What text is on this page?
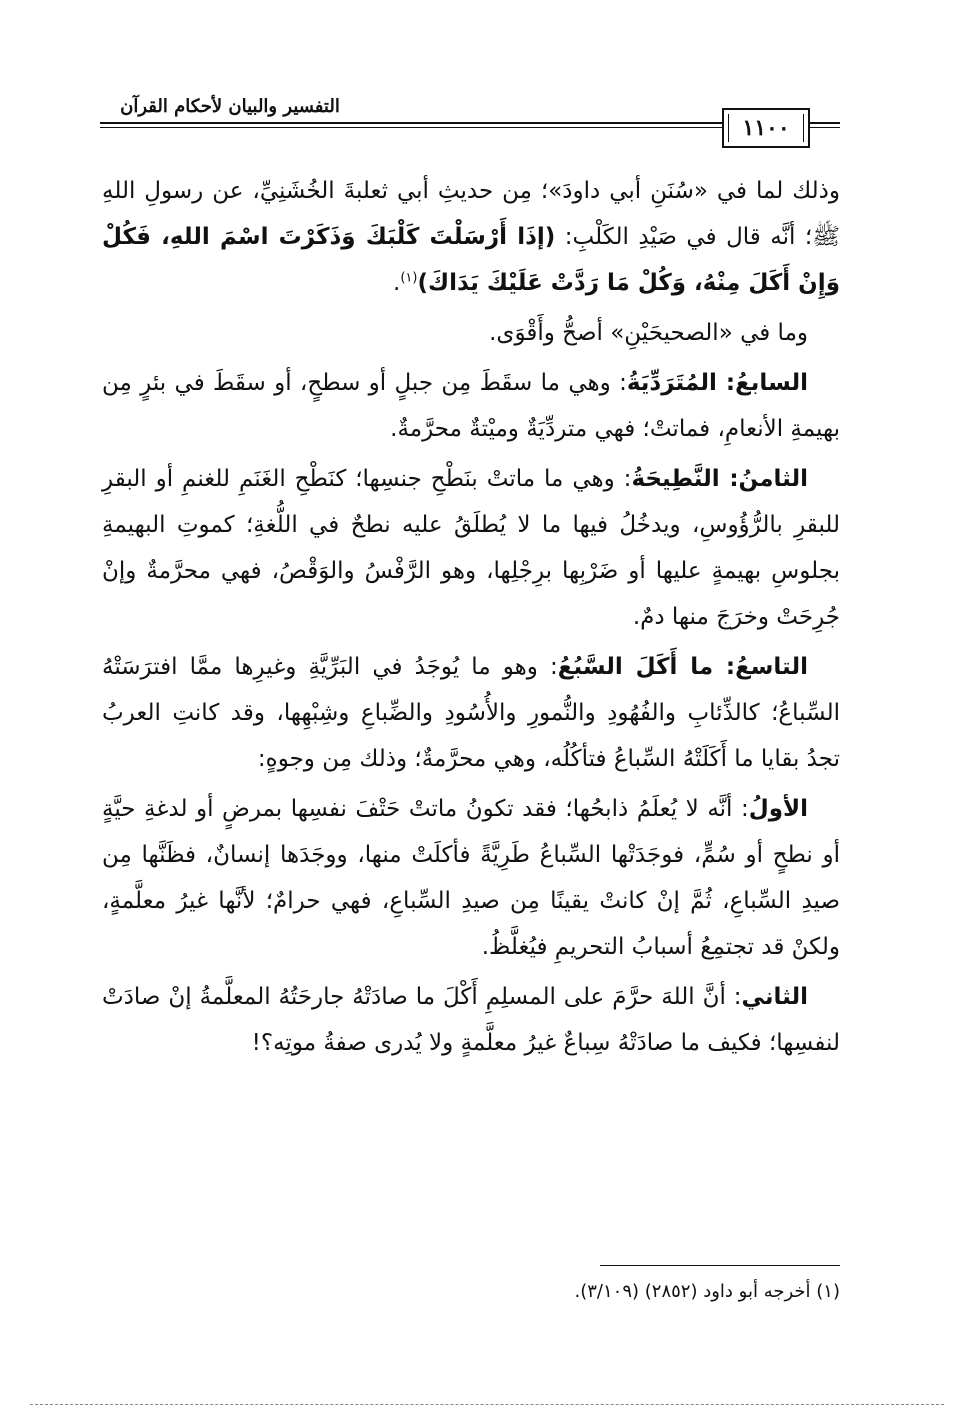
التفسير والبيان لأحكام القرآن
١١٠٠

وذلك لما في «سُنَنِ أبي داودَ»؛ مِن حديثِ أبي ثعلبةَ الخُشَنِيِّ، عن رسولِ اللهِ ﷺ؛ أنَّه قال في صَيْدِ الكَلْبِ: (إذَا أَرْسَلْتَ كَلْبَكَ وَذَكَرْتَ اسْمَ اللهِ، فَكُلْ وَإِنْ أَكَلَ مِنْهُ، وَكُلْ مَا رَدَّتْ عَلَيْكَ يَدَاكَ)$^{(١)}$.

وما في «الصحيحَيْنِ» أصحُّ وأَقْوَى.

السابعُ: المُتَرَدِّيَةُ: وهي ما سقَطَ مِن جبلٍ أو سطحٍ، أو سقَطَ في بئرٍ مِن بهيمةِ الأنعامِ، فماتتْ؛ فهي متردِّيَةٌ وميْتةٌ محرَّمةٌ.

الثامنُ: النَّطِيحَةُ: وهي ما ماتتْ بنَطْحِ جنسِها؛ كنَطْحِ الغَنَمِ للغنمِ أو البقرِ للبقرِ بالرُّؤُوسِ، ويدخُلُ فيها ما لا يُطلَقُ عليه نطحٌ في اللُّغةِ؛ كموتِ البهيمةِ بجلوسِ بهيمةٍ عليها أو ضَرْبِها برِجْلِها، وهو الرَّفْسُ والوَقْصُ، فهي محرَّمةٌ وإنْ جُرِحَتْ وخرَجَ منها دمٌ.

التاسعُ: ما أَكَلَ السَّبُعُ: وهو ما يُوجَدُ في البَرِّيَّةِ وغيرِها ممَّا افترَسَتْهُ السِّباعُ؛ كالذِّئابِ والفُهُودِ والنُّمورِ والأُسُودِ والضِّباعِ وشِبْهِها، وقد كانتِ العربُ تجدُ بقايا ما أَكَلَتْهُ السِّباعُ فتأكُلُه، وهي محرَّمةٌ؛ وذلك مِن وجوهٍ:

الأولُ: أنَّه لا يُعلَمُ ذابحُها؛ فقد تكونُ ماتتْ حَتْفَ نفسِها بمرضٍ أو لدغةِ حيَّةٍ أو نطحٍ أو سُمٍّ، فوجَدَتْها السِّباعُ طَرِيَّةً فأكلَتْ منها، ووجَدَها إنسانٌ، فظَنَّها مِن صيدِ السِّباعِ، ثُمَّ إنْ كانتْ يقينًا مِن صيدِ السِّباعِ، فهي حرامٌ؛ لأنَّها غيرُ معلَّمةٍ، ولكنْ قد تجتمِعُ أسبابُ التحريمِ فيُغلَّظُ.

الثاني: أنَّ اللهَ حرَّمَ على المسلِمِ أَكْلَ ما صادَتْهُ جارحَتُهُ المعلَّمةُ إنْ صادَتْ لنفسِها؛ فكيف ما صادَتْهُ سِباعٌ غيرُ معلَّمةٍ ولا يُدرى صفةُ موتِه؟!

(١) أخرجه أبو داود (٢٨٥٢) (٣/١٠٩).
